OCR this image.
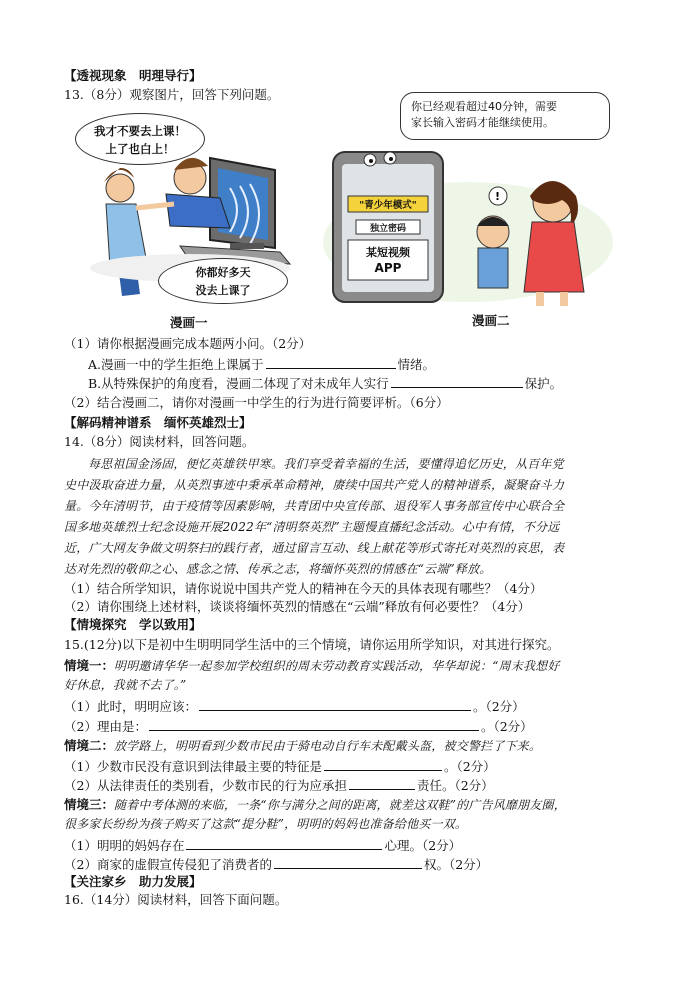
【透视现象　明理导行】
13.（8分）观察图片，回答下列问题。
我才不要去上课！
上了也白上！
你都好多天
没去上课了
漫画一
!
你已经观看超过40分钟，需要
家长输入密码才能继续使用。
"青少年模式"
独立密码
某短视频
APP
漫画二
（1）请你根据漫画完成本题两小问。（2分）
A.漫画一中的学生拒绝上课属于	情绪。
B.从特殊保护的角度看，漫画二体现了对未成年人实行	保护。
（2）结合漫画二，请你对漫画一中学生的行为进行简要评析。（6分）
【解码精神谱系　缅怀英雄烈士】
14.（8分）阅读材料，回答问题。
每思祖国金汤固，便忆英雄铁甲寒。我们享受着幸福的生活，要懂得追忆历史，从百年党
史中汲取奋进力量，从英烈事迹中秉承革命精神，赓续中国共产党人的精神谱系，凝聚奋斗力
量。今年清明节，由于疫情等因素影响，共青团中央宣传部、退役军人事务部宣传中心联合全
国多地英雄烈士纪念设施开展2022年“清明祭英烈”主题慢直播纪念活动。心中有情，不分远
近，广大网友争做文明祭扫的践行者，通过留言互动、线上献花等形式寄托对英烈的哀思，表
达对先烈的敬仰之心、感念之情、传承之志，将缅怀英烈的情感在“云端”释放。
（1）结合所学知识，请你说说中国共产党人的精神在今天的具体表现有哪些？（4分）
（2）请你围绕上述材料，谈谈将缅怀英烈的情感在“云端”释放有何必要性？（4分）
【情境探究　学以致用】
15.(12分)以下是初中生明明同学生活中的三个情境，请你运用所学知识，对其进行探究。
情境一：明明邀请华华一起参加学校组织的周末劳动教育实践活动，华华却说：“周末我想好
好休息，我就不去了。”
（1）此时，明明应该：	。（2分）
（2）理由是：	。（2分）
情境二：放学路上，明明看到少数市民由于骑电动自行车未配戴头盔，被交警拦了下来。
（1）少数市民没有意识到法律最主要的特征是	。（2分）
（2）从法律责任的类别看，少数市民的行为应承担	责任。（2分）
情境三：随着中考体测的来临，一条“你与满分之间的距离，就差这双鞋”的广告风靡朋友圈，
很多家长纷纷为孩子购买了这款“提分鞋”，明明的妈妈也准备给他买一双。
（1）明明的妈妈存在	心理。（2分）
（2）商家的虚假宣传侵犯了消费者的	权。（2分）
【关注家乡　助力发展】
16.（14分）阅读材料，回答下面问题。
